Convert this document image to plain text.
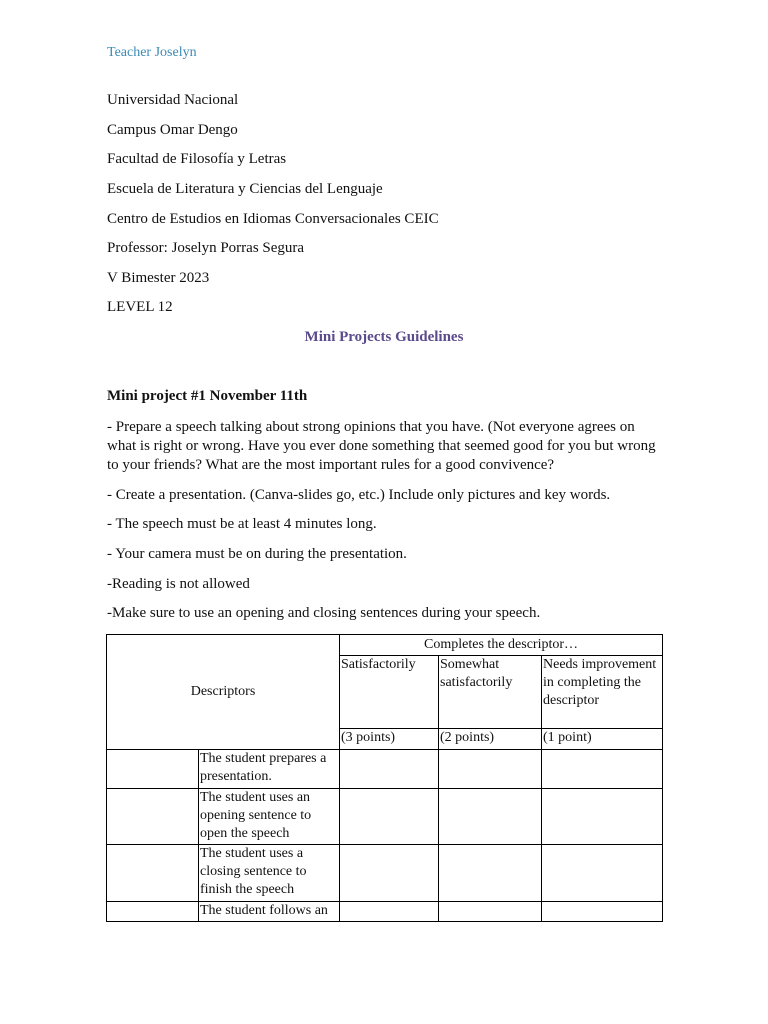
Teacher Joselyn
Universidad Nacional
Campus Omar Dengo
Facultad de Filosofía y Letras
Escuela de Literatura y Ciencias del Lenguaje
Centro de Estudios en Idiomas Conversacionales CEIC
Professor: Joselyn Porras Segura
V Bimester 2023
LEVEL 12
Mini Projects Guidelines
Mini project #1 November 11th
- Prepare a speech talking about strong opinions that you have. (Not everyone agrees on what is right or wrong. Have you ever done something that seemed good for you but wrong to your friends? What are the most important rules for a good convivence?
- Create a presentation. (Canva-slides go, etc.) Include only pictures and key words.
- The speech must be at least 4 minutes long.
- Your camera must be on during the presentation.
-Reading is not allowed
-Make sure to use an opening and closing sentences during your speech.
Descriptors		Completes the descriptor…		
		Satisfactorily	Somewhat satisfactorily	Needs improvement in completing the descriptor
		(3 points)	(2 points)	(1 point)
	The student prepares a presentation.			
	The student uses an opening sentence to open the speech			
	The student uses a closing sentence to finish the speech			
	The student follows an			
